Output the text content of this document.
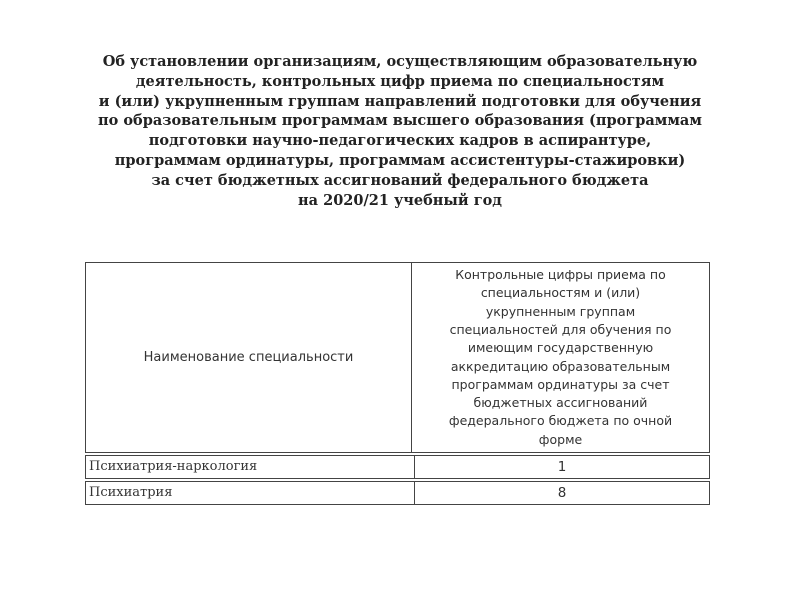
Об установлении организациям, осуществляющим образовательную
деятельность, контрольных цифр приема по специальностям
и (или) укрупненным группам направлений подготовки для обучения
по образовательным программам высшего образования (программам
подготовки научно-педагогических кадров в аспирантуре,
программам ординатуры, программам ассистентуры-стажировки)
за счет бюджетных ассигнований федерального бюджета
на 2020/21 учебный год
Наименование специальности
Контрольные цифры приема по
специальностям и (или)
укрупненным группам
специальностей для обучения по
имеющим государственную
аккредитацию образовательным
программам ординатуры за счет
бюджетных ассигнований
федерального бюджета по очной
форме
Психиатрия-наркология	1
Психиатрия	8
